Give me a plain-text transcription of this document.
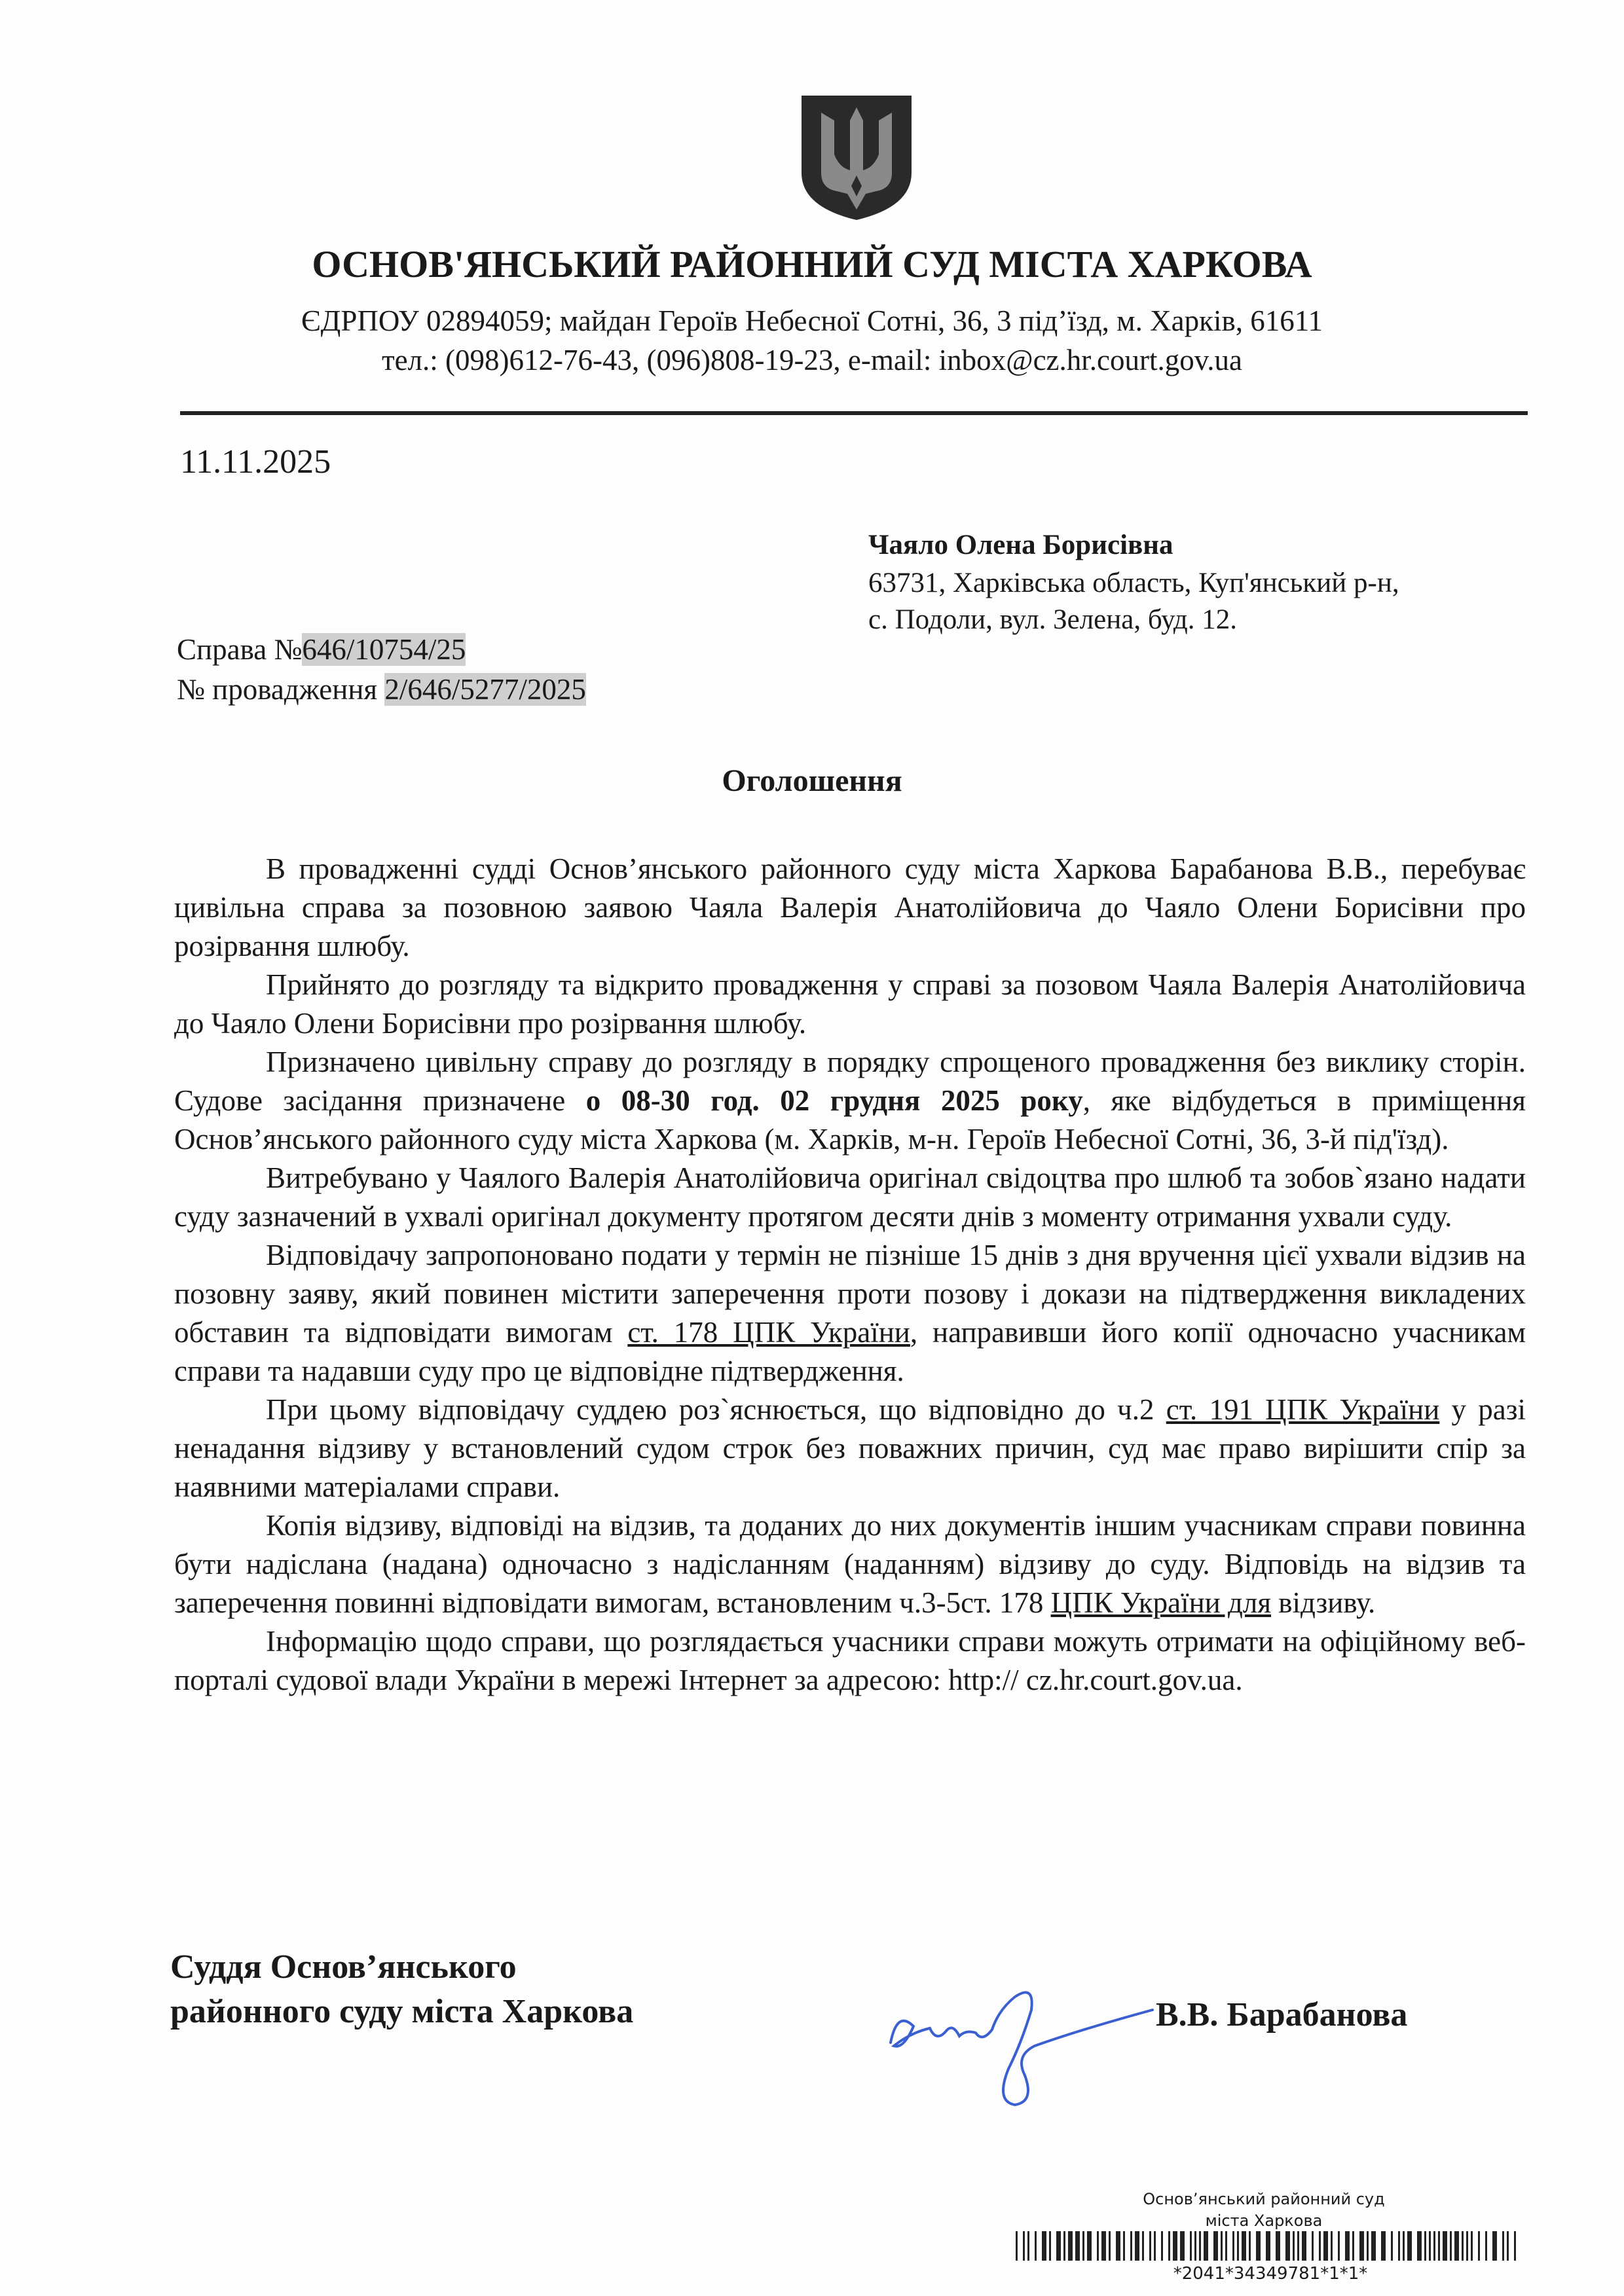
ОСНОВ'ЯНСЬКИЙ РАЙОННИЙ СУД МІСТА ХАРКОВА
ЄДРПОУ 02894059; майдан Героїв Небесної Сотні, 36, 3 під’їзд, м. Харків, 61611
тел.: (098)612-76-43, (096)808-19-23, e-mail: inbox@cz.hr.court.gov.ua
11.11.2025
Чаяло Олена Борисівна
63731, Харківська область, Куп'янський р-н,
с. Подоли, вул. Зелена, буд. 12.
Справа №646/10754/25
№ провадження 2/646/5277/2025
Оголошення

В провадженні судді Основ’янського районного суду міста Харкова Барабанова В.В., перебуває цивільна справа за позовною заявою Чаяла Валерія Анатолійовича до Чаяло Олени Борисівни про розірвання шлюбу.

Прийнято до розгляду та відкрито провадження у справі за позовом Чаяла Валерія Анатолійовича до Чаяло Олени Борисівни про розірвання шлюбу.

Призначено цивільну справу до розгляду в порядку спрощеного провадження без виклику сторін. Судове засідання призначене о 08-30 год. 02 грудня 2025 року, яке відбудеться в приміщення Основ’янського районного суду міста Харкова (м. Харків, м-н. Героїв Небесної Сотні, 36, 3-й під'їзд).

Витребувано у Чаялого Валерія Анатолійовича оригінал свідоцтва про шлюб та зобов`язано надати суду зазначений в ухвалі оригінал документу протягом десяти днів з моменту отримання ухвали суду.

Відповідачу запропоновано подати у термін не пізніше 15 днів з дня вручення цієї ухвали відзив на позовну заяву, який повинен містити заперечення проти позову і докази на підтвердження викладених обставин та відповідати вимогам ст. 178 ЦПК України, направивши його копії одночасно учасникам справи та надавши суду про це відповідне підтвердження.

При цьому відповідачу суддею роз`яснюється, що відповідно до ч.2 ст. 191 ЦПК України у разі ненадання відзиву у встановлений судом строк без поважних причин, суд має право вирішити спір за наявними матеріалами справи.

Копія відзиву, відповіді на відзив, та доданих до них документів іншим учасникам справи повинна бути надіслана (надана) одночасно з надісланням (наданням) відзиву до суду. Відповідь на відзив та заперечення повинні відповідати вимогам, встановленим ч.3-5ст. 178 ЦПК України для відзиву.

Інформацію щодо справи, що розглядається учасники справи можуть отримати на офіційному веб-порталі судової влади України в мережі Інтернет за адресою: http:// cz.hr.court.gov.ua.

Суддя Основ’янського
районного суду міста Харкова	В.В. Барабанова
Основ’янський районний суд
міста Харкова
*2041*34349781*1*1*
